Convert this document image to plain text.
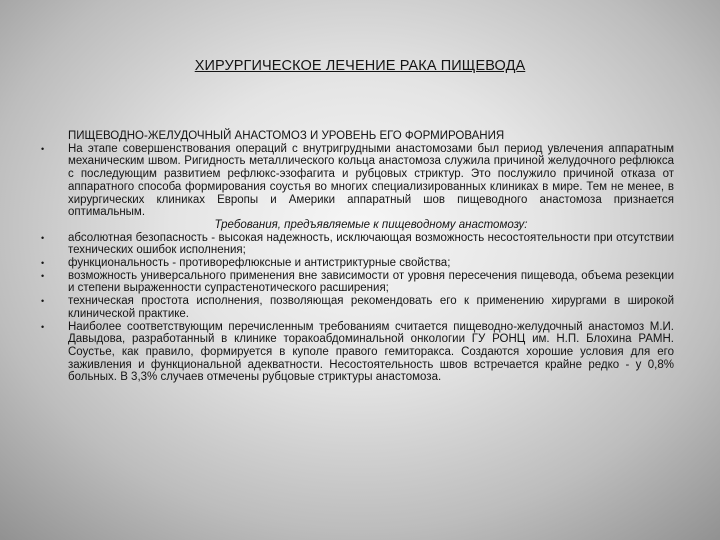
ХИРУРГИЧЕСКОЕ ЛЕЧЕНИЕ РАКА ПИЩЕВОДА

ПИЩЕВОДНО-ЖЕЛУДОЧНЫЙ АНАСТОМОЗ И УРОВЕНЬ ЕГО ФОРМИРОВАНИЯ

• На этапе совершенствования операций с внутригрудными анастомозами был период увлечения аппаратным механическим швом. Ригидность металлического кольца анастомоза служила причиной желудочного рефлюкса с последующим развитием рефлюкс-эзофагита и рубцовых стриктур. Это послужило причиной отказа от аппаратного способа формирования соустья во многих специализированных клиниках в мире. Тем не менее, в хирургических клиниках Европы и Америки аппаратный шов пищеводного анастомоза признается оптимальным.

Требования, предъявляемые к пищеводному анастомозу:

• абсолютная безопасность - высокая надежность, исключающая возможность несостоятельности при отсутствии технических ошибок исполнения;

• функциональность - противорефлюксные и антистриктурные свойства;

• возможность универсального применения вне зависимости от уровня пересечения пищевода, объема резекции и степени выраженности супрастенотического расширения;

• техническая простота исполнения, позволяющая рекомендовать его к применению хирургами в широкой клинической практике.

• Наиболее соответствующим перечисленным требованиям считается пищеводно-желудочный анастомоз М.И. Давыдова, разработанный в клинике торакоабдоминальной онкологии ГУ РОНЦ им. Н.П. Блохина РАМН. Соустье, как правило, формируется в куполе правого гемиторакса. Создаются хорошие условия для его заживления и функциональной адекватности. Несостоятельность швов встречается крайне редко - у 0,8% больных. В 3,3% случаев отмечены рубцовые стриктуры анастомоза.
